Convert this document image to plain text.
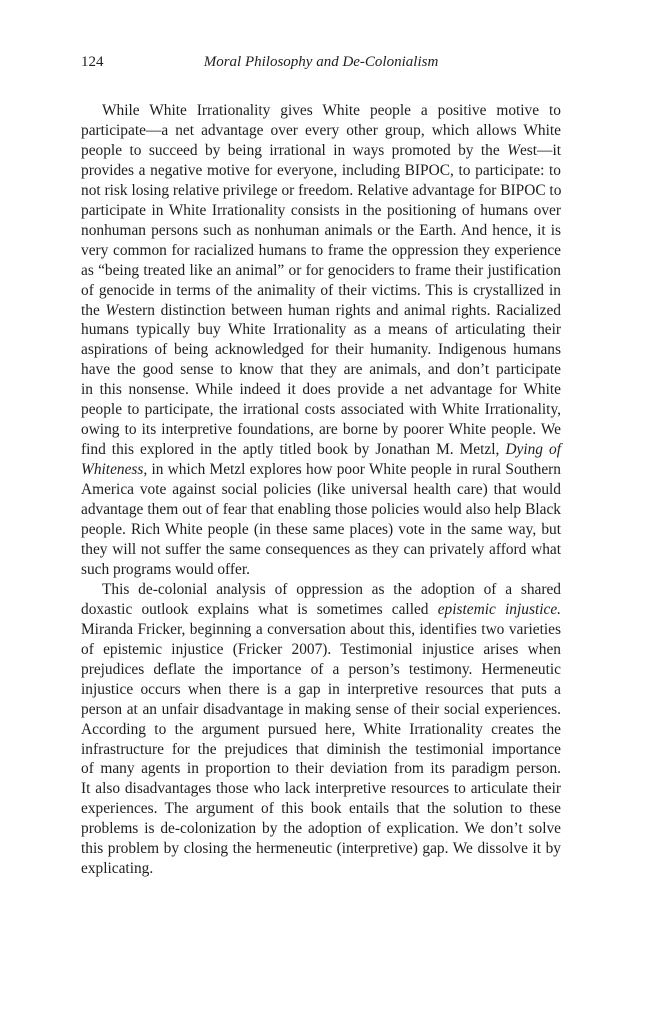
124	Moral Philosophy and De-Colonialism
While White Irrationality gives White people a positive motive to
participate—a net advantage over every other group, which allows White
people to succeed by being irrational in ways promoted by the West—it
provides a negative motive for everyone, including BIPOC, to participate: to
not risk losing relative privilege or freedom. Relative advantage for BIPOC to
participate in White Irrationality consists in the positioning of humans over
nonhuman persons such as nonhuman animals or the Earth. And hence, it is
very common for racialized humans to frame the oppression they experience
as “being treated like an animal” or for genociders to frame their justification
of genocide in terms of the animality of their victims. This is crystallized in
the Western distinction between human rights and animal rights. Racialized
humans typically buy White Irrationality as a means of articulating their
aspirations of being acknowledged for their humanity. Indigenous humans
have the good sense to know that they are animals, and don’t participate
in this nonsense. While indeed it does provide a net advantage for White
people to participate, the irrational costs associated with White Irrationality,
owing to its interpretive foundations, are borne by poorer White people. We
find this explored in the aptly titled book by Jonathan M. Metzl, Dying of
Whiteness, in which Metzl explores how poor White people in rural Southern
America vote against social policies (like universal health care) that would
advantage them out of fear that enabling those policies would also help Black
people. Rich White people (in these same places) vote in the same way, but
they will not suffer the same consequences as they can privately afford what
such programs would offer.
This de-colonial analysis of oppression as the adoption of a shared
doxastic outlook explains what is sometimes called epistemic injustice.
Miranda Fricker, beginning a conversation about this, identifies two varieties
of epistemic injustice (Fricker 2007). Testimonial injustice arises when
prejudices deflate the importance of a person’s testimony. Hermeneutic
injustice occurs when there is a gap in interpretive resources that puts a
person at an unfair disadvantage in making sense of their social experiences.
According to the argument pursued here, White Irrationality creates the
infrastructure for the prejudices that diminish the testimonial importance
of many agents in proportion to their deviation from its paradigm person.
It also disadvantages those who lack interpretive resources to articulate their
experiences. The argument of this book entails that the solution to these
problems is de-colonization by the adoption of explication. We don’t solve
this problem by closing the hermeneutic (interpretive) gap. We dissolve it by
explicating.
